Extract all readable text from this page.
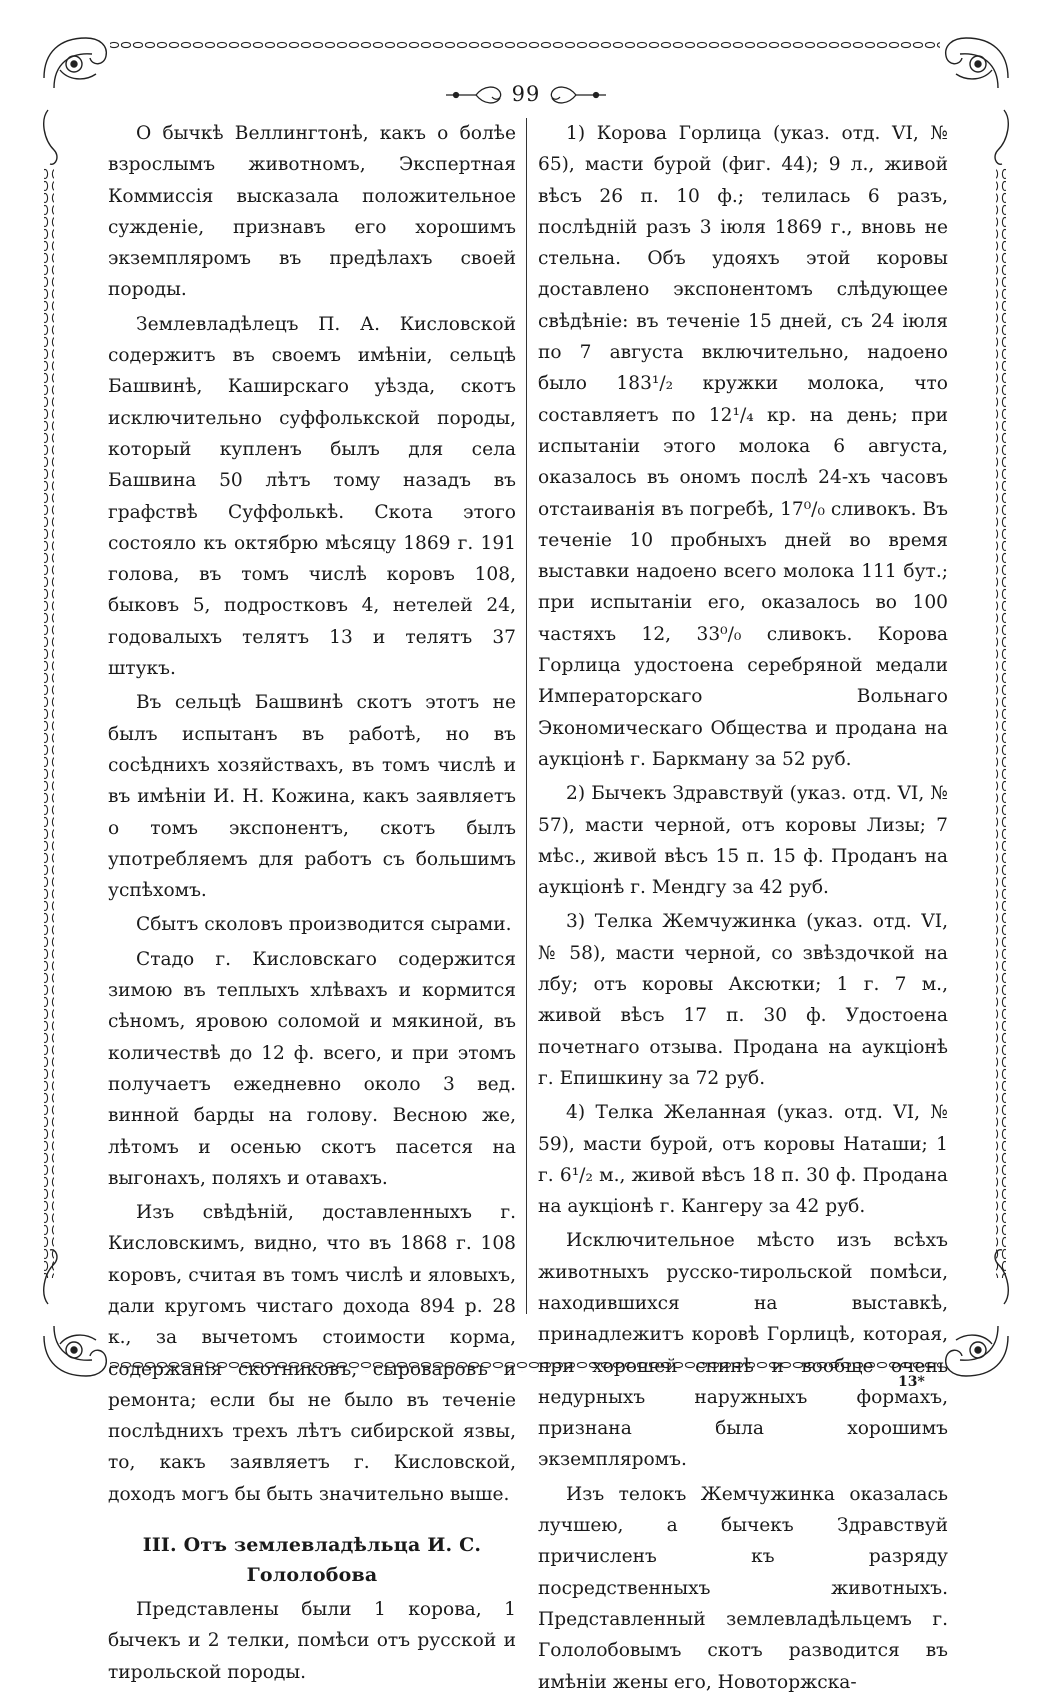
99

О бычкѣ Веллингтонѣ, какъ о болѣе взрослымъ животномъ, Экспертная Коммиссія высказала положительное сужденіе, признавъ его хорошимъ экземпляромъ въ предѣлахъ своей породы.

Землевладѣлецъ П. А. Кисловской содержитъ въ своемъ имѣніи, сельцѣ Башвинѣ, Каширскаго уѣзда, скотъ исключительно суффолькской породы, который купленъ былъ для села Башвина 50 лѣтъ тому назадъ въ графствѣ Суффолькѣ. Скота этого состояло къ октябрю мѣсяцу 1869 г. 191 голова, въ томъ числѣ коровъ 108, быковъ 5, подростковъ 4, нетелей 24, годовалыхъ телятъ 13 и телятъ 37 штукъ.

Въ сельцѣ Башвинѣ скотъ этотъ не былъ испытанъ въ работѣ, но въ сосѣднихъ хозяйствахъ, въ томъ числѣ и въ имѣніи И. Н. Кожина, какъ заявляетъ о томъ экспонентъ, скотъ былъ употребляемъ для работъ съ большимъ успѣхомъ.

Сбытъ сколовъ производится сырами.

Стадо г. Кисловскаго содержится зимою въ теплыхъ хлѣвахъ и кормится сѣномъ, яровою соломой и мякиной, въ количествѣ до 12 ф. всего, и при этомъ получаетъ ежедневно около 3 вед. винной барды на голову. Весною же, лѣтомъ и осенью скотъ пасется на выгонахъ, поляхъ и отавахъ.

Изъ свѣдѣній, доставленныхъ г. Кисловскимъ, видно, что въ 1868 г. 108 коровъ, считая въ томъ числѣ и яловыхъ, дали кругомъ чистаго дохода 894 р. 28 к., за вычетомъ стоимости корма, содержанія скотниковъ, сыроваровъ и ремонта; если бы не было въ теченіе послѣднихъ трехъ лѣтъ сибирской язвы, то, какъ заявляетъ г. Кисловской, доходъ могъ бы быть значительно выше.

III. Отъ землевладѣльца И. С. Гололобова

Представлены были 1 корова, 1 бычекъ и 2 телки, помѣси отъ русской и тирольской породы.

1) Корова Горлица (указ. отд. VI, № 65), масти бурой (фиг. 44); 9 л., живой вѣсъ 26 п. 10 ф.; телилась 6 разъ, послѣдній разъ 3 іюля 1869 г., вновь не стельна. Объ удояхъ этой коровы доставлено экспонентомъ слѣдующее свѣдѣніе: въ теченіе 15 дней, съ 24 іюля по 7 августа включительно, надоено было 183¹/₂ кружки молока, что составляетъ по 12¹/₄ кр. на день; при испытаніи этого молока 6 августа, оказалось въ ономъ послѣ 24-хъ часовъ отстаиванія въ погребѣ, 17⁰/₀ сливокъ. Въ теченіе 10 пробныхъ дней во время выставки надоено всего молока 111 бут.; при испытаніи его, оказалось во 100 частяхъ 12, 33⁰/₀ сливокъ. Корова Горлица удостоена серебряной медали Императорскаго Вольнаго Экономическаго Общества и продана на аукціонѣ г. Баркману за 52 руб.

2) Бычекъ Здравствуй (указ. отд. VI, № 57), масти черной, отъ коровы Лизы; 7 мѣс., живой вѣсъ 15 п. 15 ф. Проданъ на аукціонѣ г. Мендгу за 42 руб.

3) Телка Жемчужинка (указ. отд. VI, № 58), масти черной, со звѣздочкой на лбу; отъ коровы Аксютки; 1 г. 7 м., живой вѣсъ 17 п. 30 ф. Удостоена почетнаго отзыва. Продана на аукціонѣ г. Епишкину за 72 руб.

4) Телка Желанная (указ. отд. VI, № 59), масти бурой, отъ коровы Наташи; 1 г. 6¹/₂ м., живой вѣсъ 18 п. 30 ф. Продана на аукціонѣ г. Кангеру за 42 руб.

Исключительное мѣсто изъ всѣхъ животныхъ русско-тирольской помѣси, находившихся на выставкѣ, принадлежитъ коровѣ Горлицѣ, которая, при хорошей спинѣ и вообще очень недурныхъ наружныхъ формахъ, признана была хорошимъ экземпляромъ.

Изъ телокъ Жемчужинка оказалась лучшею, а бычекъ Здравствуй причисленъ къ разряду посредственныхъ животныхъ. Представленный землевладѣльцемъ г. Гололобовымъ скотъ разводится въ имѣніи жены его, Новоторжска-

13*
